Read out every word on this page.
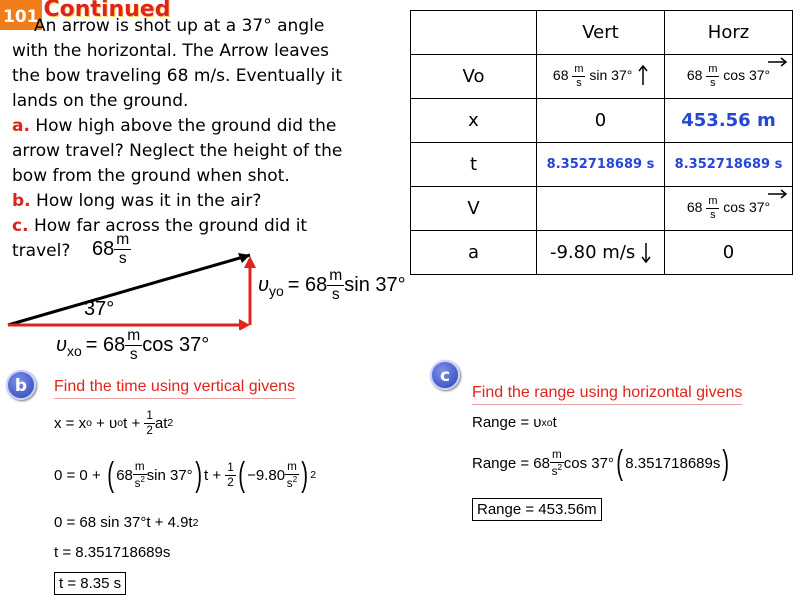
101 Continued
An arrow is shot up at a 37° angle
with the horizontal. The Arrow leaves
the bow traveling 68 m/s. Eventually it
lands on the ground.
a. How high above the ground did the
arrow travel? Neglect the height of the
bow from the ground when shot.
b. How long was it in the air?
c. How far across the ground did it
travel?
	Vert	Horz
Vo	$68 \frac{m}{s}$ sin 37°	$68 \frac{m}{s}$ cos 37°
x	0	453.56 m
t	8.352718689 s	8.352718689 s
V		$68 \frac{m}{s}$ cos 37°
a	-9.80 m/s	0
$68 \frac{m}{s}$
37°
$\upsilon_{yo} = 68 \frac{m}{s}$ sin 37°
$\upsilon_{xo} = 68 \frac{m}{s}$ cos 37°
b	Find the time using vertical givens
x = x o
+ υ o t +
$\frac{1}{2}$ at 2
0 = 0 +
( $68 \frac{m}{s^2}$ sin 37° ) t +
$\frac{1}{2}$ ( $-9.80 \frac{m}{s^2}$ ) 2
0 = 68 sin 37°t + 4.9t 2
t = 8.351718689s
t = 8.35 s
c
Find the range using horizontal givens
Range = υ xo t
Range = $68 \frac{m}{s^2}$ cos 37° ( 8.351718689s )
Range = 453.56m
